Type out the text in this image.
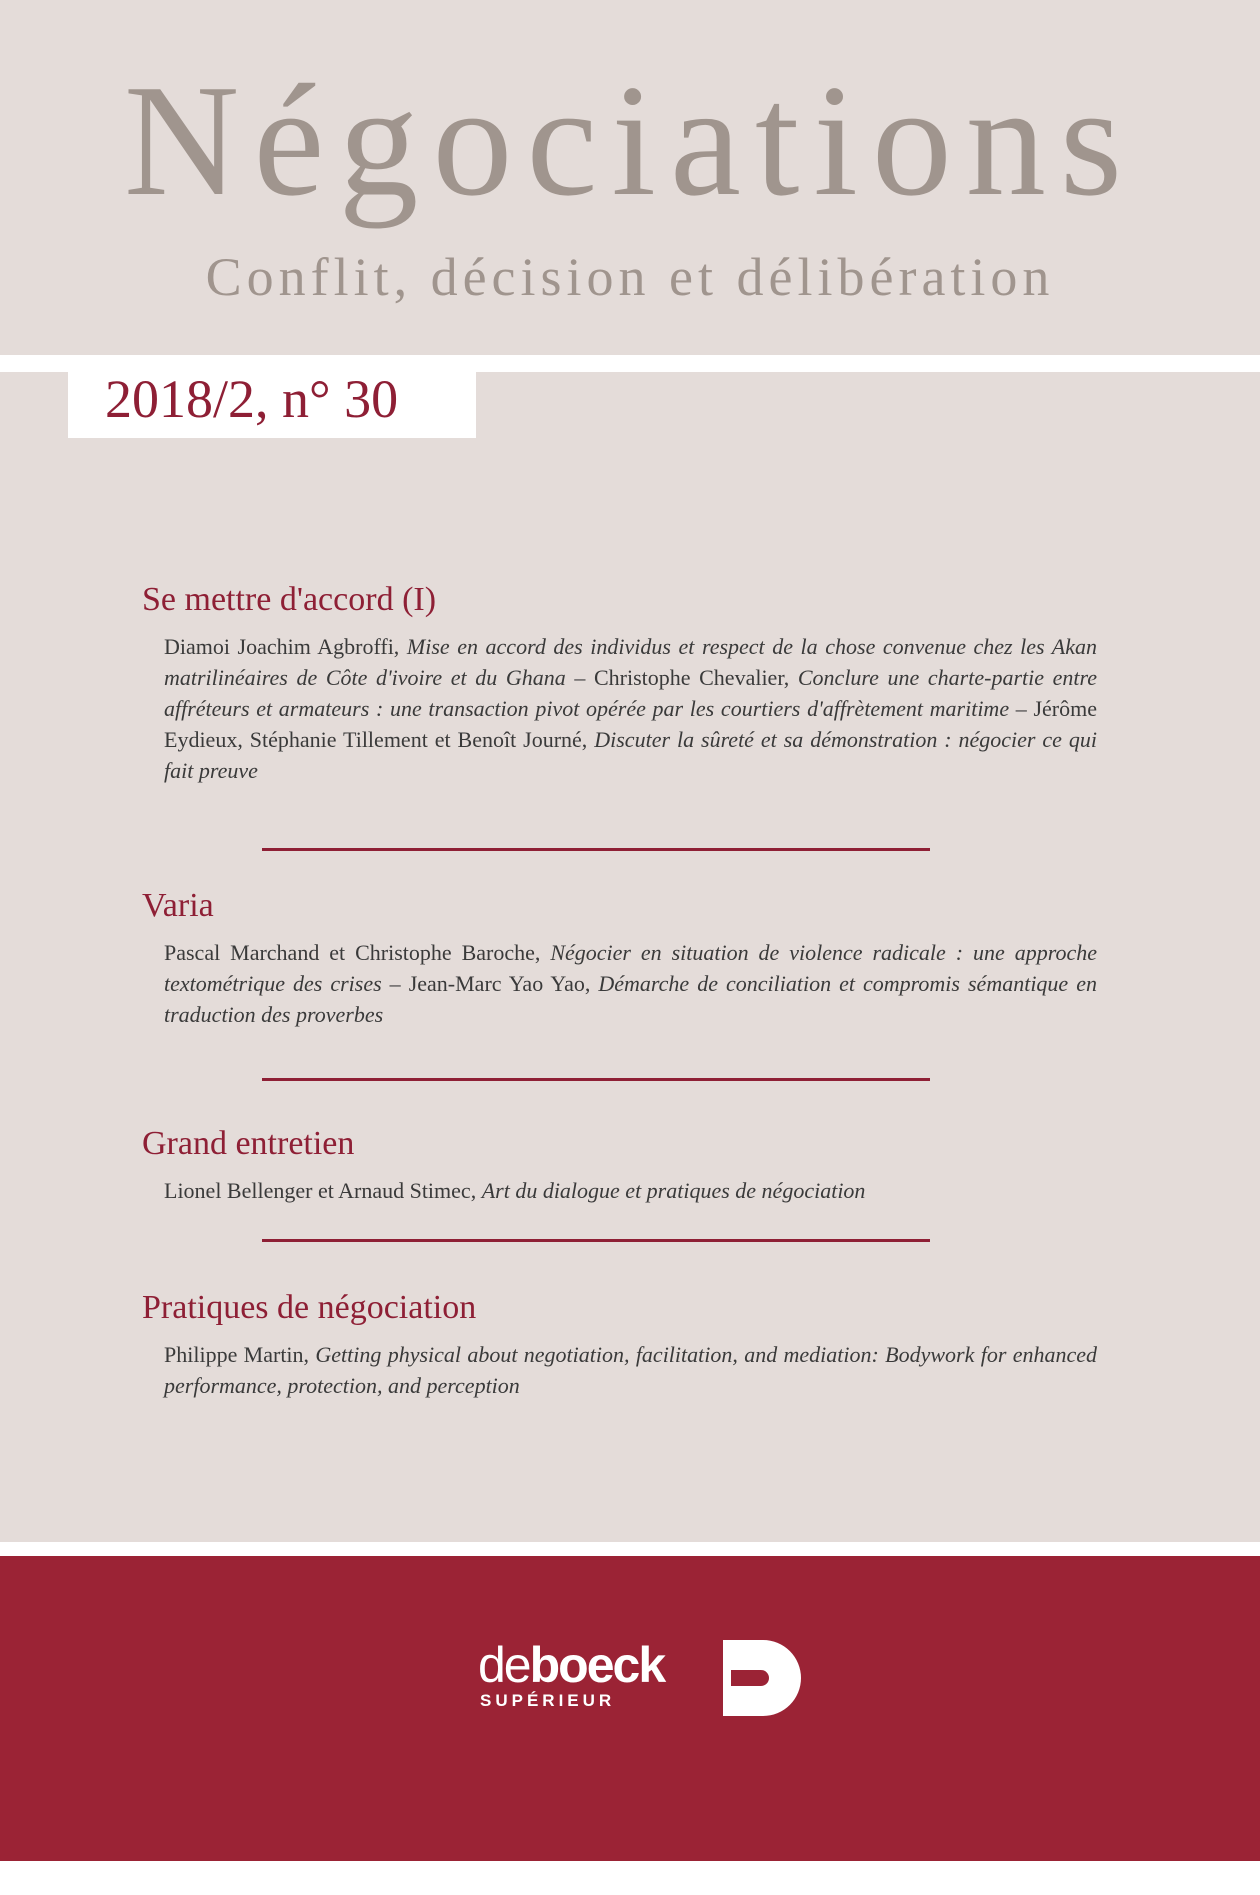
Négociations
Conflit, décision et délibération
2018/2, n° 30
Se mettre d'accord (I)
Diamoi Joachim Agbroffi, Mise en accord des individus et respect de la chose convenue chez les Akan matrilinéaires de Côte d'ivoire et du Ghana – Christophe Chevalier, Conclure une charte-partie entre affréteurs et armateurs : une transaction pivot opérée par les courtiers d'affrètement maritime – Jérôme Eydieux, Stéphanie Tillement et Benoît Journé, Discuter la sûreté et sa démonstration : négocier ce qui fait preuve
Varia
Pascal Marchand et Christophe Baroche, Négocier en situation de violence radicale : une approche textométrique des crises – Jean-Marc Yao Yao, Démarche de conciliation et compromis sémantique en traduction des proverbes
Grand entretien
Lionel Bellenger et Arnaud Stimec, Art du dialogue et pratiques de négociation
Pratiques de négociation
Philippe Martin, Getting physical about negotiation, facilitation, and mediation: Bodywork for enhanced performance, protection, and perception
deboeck
SUPÉRIEUR
